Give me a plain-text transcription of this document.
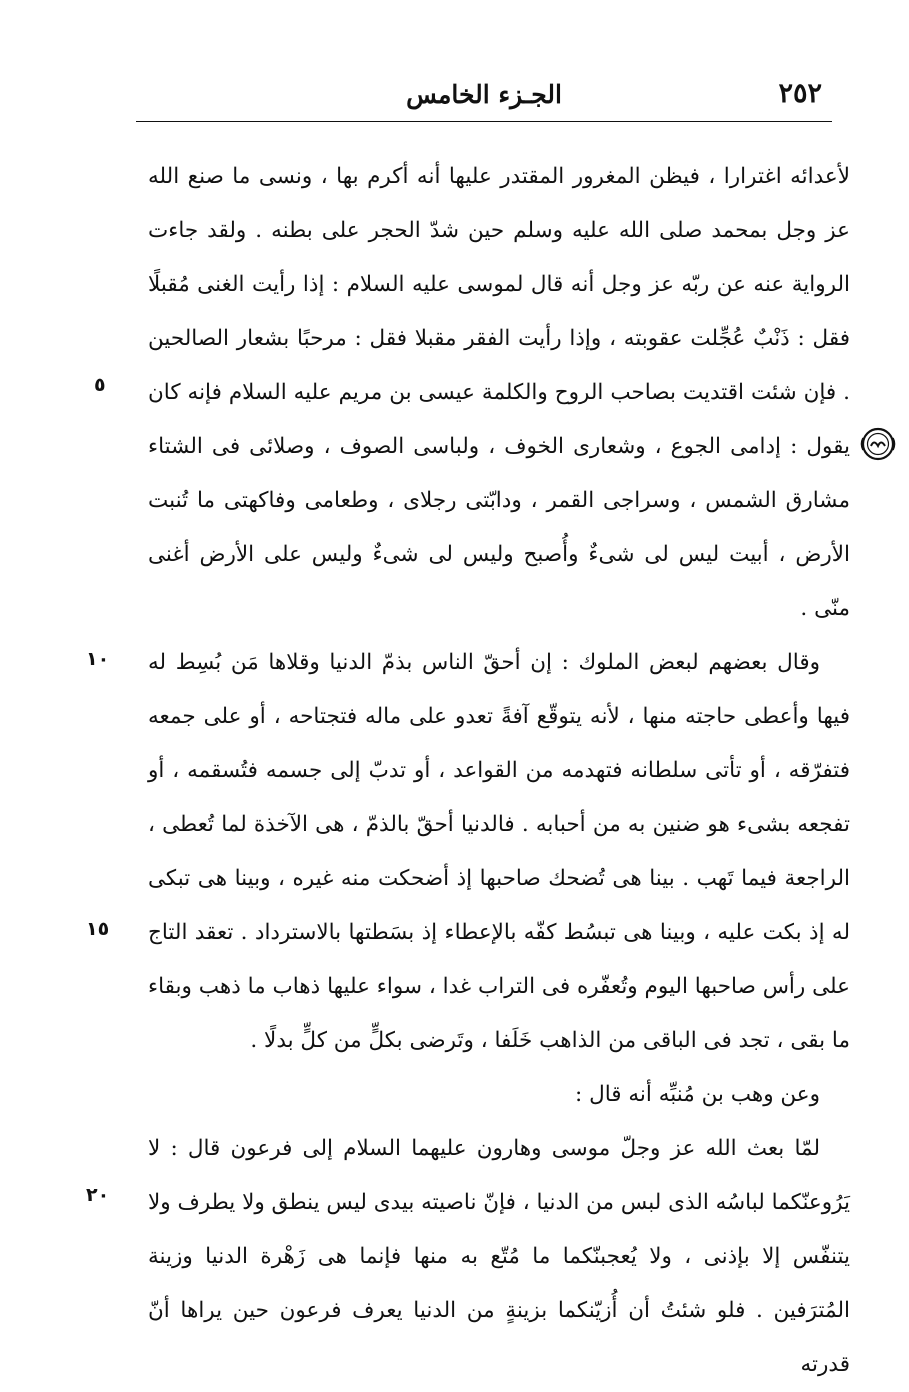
٢٥٢
الجـزء الخامس

لأعدائه اغترارا ، فيظن المغرور المقتدر عليها أنه أكرم بها ، ونسى ما صنع الله عز وجل بمحمد صلى الله عليه وسلم حين شدّ الحجر على بطنه . ولقد جاءت الرواية عنه عن ربّه عز وجل أنه قال لموسى عليه السلام : إذا رأيت الغنى مُقبلًا فقل : ذَنْبٌ عُجِّلت عقوبته ، وإذا رأيت الفقر مقبلا فقل : مرحبًا بشعار الصالحين . فإن شئت اقتديت بصاحب الروح والكلمة عيسى بن مريم عليه السلام فإنه كان يقول : إدامى الجوع ، وشعارى الخوف ، ولباسى الصوف ، وصلائى فى الشتاء مشارق الشمس ، وسراجى القمر ، ودابّتى رجلاى ، وطعامى وفاكهتى ما تُنبت الأرض ، أبيت ليس لى شىءٌ وأُصبح وليس لى شىءٌ وليس على الأرض أغنى منّى .

وقال بعضهم لبعض الملوك : إن أحقّ الناس بذمّ الدنيا وقلاها مَن بُسِط له فيها وأعطى حاجته منها ، لأنه يتوقّع آفةً تعدو على ماله فتجتاحه ، أو على جمعه فتفرّقه ، أو تأتى سلطانه فتهدمه من القواعد ، أو تدبّ إلى جسمه فتُسقمه ، أو تفجعه بشىء هو ضنين به من أحبابه . فالدنيا أحقّ بالذمّ ، هى الآخذة لما تُعطى ، الراجعة فيما تَهب . بينا هى تُضحك صاحبها إذ أضحكت منه غيره ، وبينا هى تبكى له إذ بكت عليه ، وبينا هى تبسُط كفّه بالإعطاء إذ بسَطتها بالاسترداد . تعقد التاج على رأس صاحبها اليوم وتُعفّره فى التراب غدا ، سواء عليها ذهاب ما ذهب وبقاء ما بقى ، تجد فى الباقى من الذاهب خَلَفا ، وتَرضى بكلٍّ من كلٍّ بدلًا .

وعن وهب بن مُنبِّه أنه قال :

لمّا بعث الله عز وجلّ موسى وهارون عليهما السلام إلى فرعون قال : لا يَرُوعنّكما لباسُه الذى لبس من الدنيا ، فإنّ ناصيته بيدى ليس ينطق ولا يطرف ولا يتنفّس إلا بإذنى ، ولا يُعجبنّكما ما مُتّع به منها فإنما هى زَهْرة الدنيا وزينة المُترَفين . فلو شئتُ أن أُزيّنكما بزينةٍ من الدنيا يعرف فرعون حين يراها أنّ قدرته

٥
١٠
١٥
٢٠
